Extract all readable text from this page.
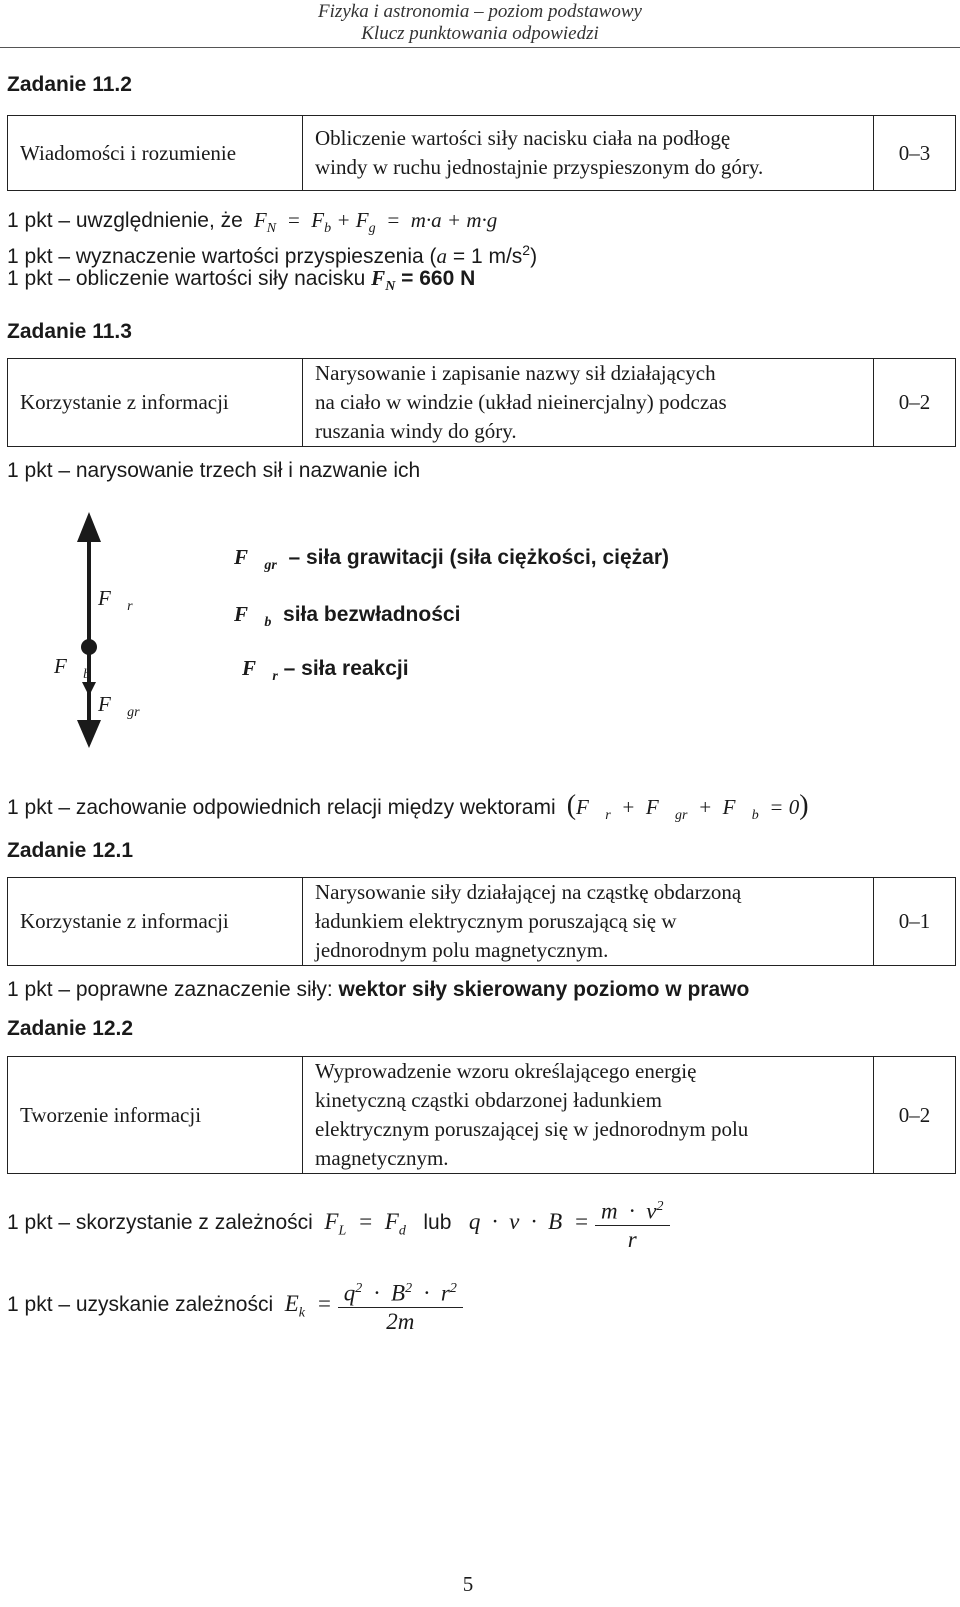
Fizyka i astronomia – poziom podstawowy
Klucz punktowania odpowiedzi
Zadanie 11.2
Wiadomości i rozumienie	Obliczenie wartości siły nacisku ciała na podłogę
windy w ruchu jednostajnie przyspieszonym do góry.	0–3
1 pkt – uwzględnienie, że  $F_N = F_b + F_g = m\cdot a + m\cdot g$
1 pkt – wyznaczenie wartości przyspieszenia (a = 1 $m/s^2$)
1 pkt – obliczenie wartości siły nacisku $F_N = 660$ N
Zadanie 11.3
Korzystanie z informacji	Narysowanie i zapisanie nazwy sił działających
na ciało w windzie (układ nieinercjalny) podczas
ruszania windy do góry.	0–2
1 pkt – narysowanie trzech sił i nazwanie ich
$F⃗_r$
$F⃗_b$
$F⃗_{gr}$
$F⃗_{gr}$ – siła grawitacji (siła ciężkości, ciężar)
$F⃗_b$ siła bezwładności
$F⃗_r$ – siła reakcji
1 pkt – zachowanie odpowiednich relacji między wektorami ($F⃗_r$  +  $F⃗_{gr}$  +  $F⃗_b = 0$)
Zadanie 12.1
Korzystanie z informacji	Narysowanie siły działającej na cząstkę obdarzoną
ładunkiem elektrycznym poruszającą się w
jednorodnym polu magnetycznym.	0–1
1 pkt – poprawne zaznaczenie siły: wektor siły skierowany poziomo w prawo
Zadanie 12.2
Tworzenie informacji	Wyprowadzenie wzoru określającego energię
kinetyczną cząstki obdarzonej ładunkiem
elektrycznym poruszającej się w jednorodnym polu
magnetycznym.	0–2
1 pkt – skorzystanie z zależności  $F_L = F_d$ lub $q \cdot v \cdot B = \frac{m \cdot v^2}{r}$
1 pkt – uzyskanie zależności  $E_k = \frac{q^2 \cdot B^2 \cdot r^2}{2m}$
5
